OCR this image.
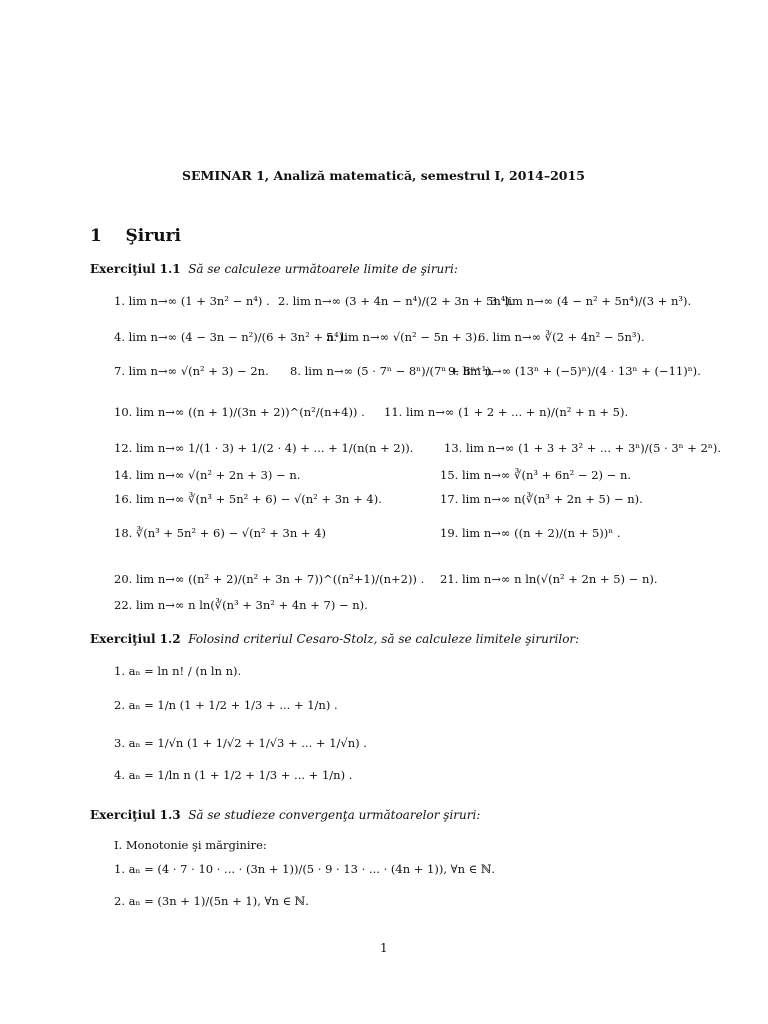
SEMINAR 1, Analiză matematică, semestrul I, 2014–2015
1 Şiruri
Exerciţiul 1.1 Să se calculeze următoarele limite de şiruri:
1. lim n→∞ (1 + 3n² − n⁴) . 2. lim n→∞ (3 + 4n − n⁴)/(2 + 3n + 5n⁴).
3. lim n→∞ (4 − n² + 5n⁴)/(3 + n³).
4. lim n→∞ (4 − 3n − n²)/(6 + 3n² + n⁴).
5. lim n→∞ √(n² − 5n + 3).
6. lim n→∞ ∛(2 + 4n² − 5n³).
7. lim n→∞ √(n² + 3) − 2n. 8. lim n→∞ (5 · 7ⁿ − 8ⁿ)/(7ⁿ + 8ⁿ⁺¹).
9. lim n→∞ (13ⁿ + (−5)ⁿ)/(4 · 13ⁿ + (−11)ⁿ).
10. lim n→∞ ((n + 1)/(3n + 2))^(n²/(n+4)) . 11. lim n→∞ (1 + 2 + ... + n)/(n² + n + 5).
12. lim n→∞ 1/(1 · 3) + 1/(2 · 4) + ... + 1/(n(n + 2)).	13. lim n→∞ (1 + 3 + 3² + ... + 3ⁿ)/(5 · 3ⁿ + 2ⁿ).
14. lim n→∞ √(n² + 2n + 3) − n.	15. lim n→∞ ∛(n³ + 6n² − 2) − n.
16. lim n→∞ ∛(n³ + 5n² + 6) − √(n² + 3n + 4).	17. lim n→∞ n(∛(n³ + 2n + 5) − n).
18. ∛(n³ + 5n² + 6) − √(n² + 3n + 4)	19. lim n→∞ ((n + 2)/(n + 5))ⁿ .
20. lim n→∞ ((n² + 2)/(n² + 3n + 7))^((n²+1)/(n+2)) . 21. lim n→∞ n ln(√(n² + 2n + 5) − n).
22. lim n→∞ n ln(∛(n³ + 3n² + 4n + 7) − n).
Exerciţiul 1.2 Folosind criteriul Cesaro-Stolz, să se calculeze limitele şirurilor:
1. aₙ = ln n! / (n ln n).
2. aₙ = 1/n (1 + 1/2 + 1/3 + ... + 1/n) .
3. aₙ = 1/√n (1 + 1/√2 + 1/√3 + ... + 1/√n) .
4. aₙ = 1/ln n (1 + 1/2 + 1/3 + ... + 1/n) .
Exerciţiul 1.3 Să se studieze convergenţa următoarelor şiruri:
I. Monotonie şi mărginire:
1. aₙ = (4 · 7 · 10 · ... · (3n + 1))/(5 · 9 · 13 · ... · (4n + 1)), ∀n ∈ ℕ.
2. aₙ = (3n + 1)/(5n + 1), ∀n ∈ ℕ.
1
